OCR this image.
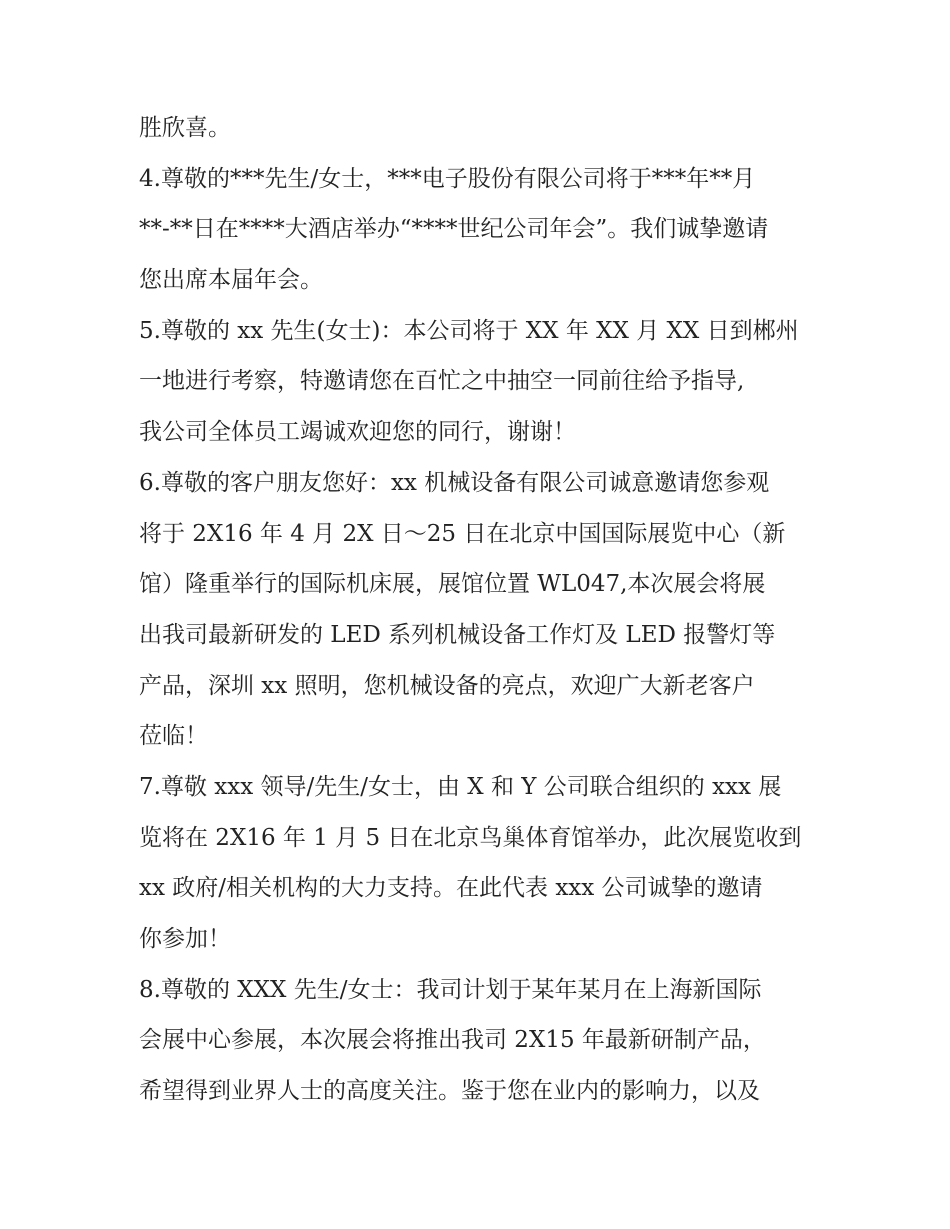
胜欣喜。
4.尊敬的***先生/女士，***电子股份有限公司将于***年**月
**-**日在****大酒店举办“****世纪公司年会”。我们诚挚邀请
您出席本届年会。
5.尊敬的 xx 先生(女士)：本公司将于 XX 年 XX 月 XX 日到郴州
一地进行考察，特邀请您在百忙之中抽空一同前往给予指导,
我公司全体员工竭诚欢迎您的同行，谢谢！
6.尊敬的客户朋友您好：xx 机械设备有限公司诚意邀请您参观
将于 2X16 年 4 月 2X 日～25 日在北京中国国际展览中心（新
馆）隆重举行的国际机床展，展馆位置 WL047,本次展会将展
出我司最新研发的 LED 系列机械设备工作灯及 LED 报警灯等
产品，深圳 xx 照明，您机械设备的亮点，欢迎广大新老客户
莅临！
7.尊敬 xxx 领导/先生/女士，由 X 和 Y 公司联合组织的 xxx 展
览将在 2X16 年 1 月 5 日在北京鸟巢体育馆举办，此次展览收到
xx 政府/相关机构的大力支持。在此代表 xxx 公司诚挚的邀请
你参加！
8.尊敬的 XXX 先生/女士：我司计划于某年某月在上海新国际
会展中心参展，本次展会将推出我司 2X15 年最新研制产品，
希望得到业界人士的高度关注。鉴于您在业内的影响力，以及
